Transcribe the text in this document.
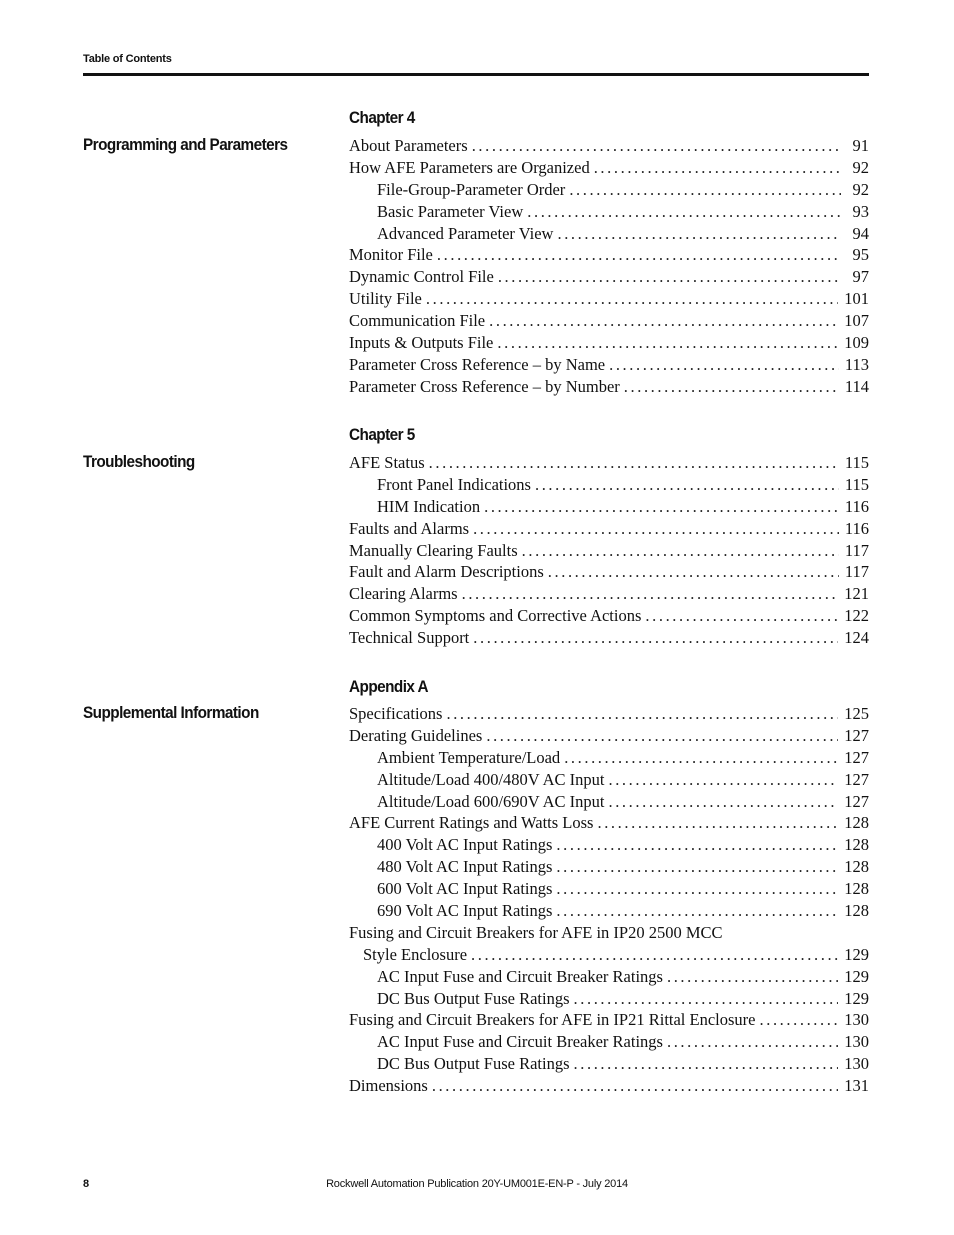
Table of Contents
Chapter 4
Programming and Parameters	About Parameters .....	91
How AFE Parameters are Organized .....	92
File-Group-Parameter Order .....	92
Basic Parameter View .....	93
Advanced Parameter View .....	94
Monitor File .....	95
Dynamic Control File .....	97
Utility File .....	101
Communication File .....	107
Inputs & Outputs File .....	109
Parameter Cross Reference – by Name .....	113
Parameter Cross Reference – by Number .....	114
Chapter 5
Troubleshooting	AFE Status .....	115
Front Panel Indications .....	115
HIM Indication .....	116
Faults and Alarms .....	116
Manually Clearing Faults .....	117
Fault and Alarm Descriptions .....	117
Clearing Alarms .....	121
Common Symptoms and Corrective Actions .....	122
Technical Support .....	124
Appendix A
Supplemental Information	Specifications .....	125
Derating Guidelines .....	127
Ambient Temperature/Load .....	127
Altitude/Load 400/480V AC Input .....	127
Altitude/Load 600/690V AC Input .....	127
AFE Current Ratings and Watts Loss .....	128
400 Volt AC Input Ratings .....	128
480 Volt AC Input Ratings .....	128
600 Volt AC Input Ratings .....	128
690 Volt AC Input Ratings .....	128
Fusing and Circuit Breakers for AFE in IP20 2500 MCC
Style Enclosure .....	129
AC Input Fuse and Circuit Breaker Ratings .....	129
DC Bus Output Fuse Ratings .....	129
Fusing and Circuit Breakers for AFE in IP21 Rittal Enclosure .....	130
AC Input Fuse and Circuit Breaker Ratings .....	130
DC Bus Output Fuse Ratings .....	130
Dimensions .....	131
8	Rockwell Automation Publication 20Y-UM001E-EN-P - July 2014
